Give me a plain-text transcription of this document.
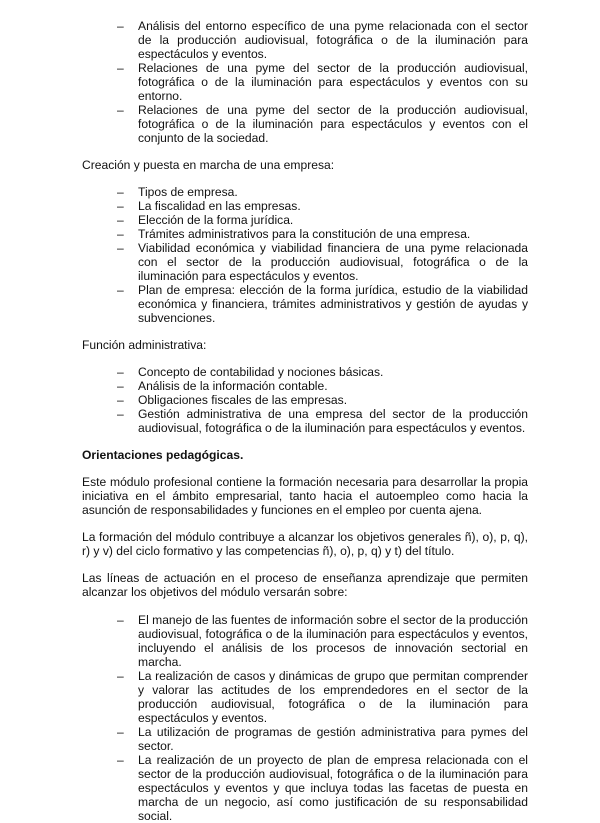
– Análisis del entorno específico de una pyme relacionada con el sector de la producción audiovisual, fotográfica o de la iluminación para espectáculos y eventos.
– Relaciones de una pyme del sector de la producción audiovisual, fotográfica o de la iluminación para espectáculos y eventos con su entorno.
– Relaciones de una pyme del sector de la producción audiovisual, fotográfica o de la iluminación para espectáculos y eventos con el conjunto de la sociedad.

Creación y puesta en marcha de una empresa:

– Tipos de empresa.
– La fiscalidad en las empresas.
– Elección de la forma jurídica.
– Trámites administrativos para la constitución de una empresa.
– Viabilidad económica y viabilidad financiera de una pyme relacionada con el sector de la producción audiovisual, fotográfica o de la iluminación para espectáculos y eventos.
– Plan de empresa: elección de la forma jurídica, estudio de la viabilidad económica y financiera, trámites administrativos y gestión de ayudas y subvenciones.

Función administrativa:

– Concepto de contabilidad y nociones básicas.
– Análisis de la información contable.
– Obligaciones fiscales de las empresas.
– Gestión administrativa de una empresa del sector de la producción audiovisual, fotográfica o de la iluminación para espectáculos y eventos.
Orientaciones pedagógicas.

Este módulo profesional contiene la formación necesaria para desarrollar la propia iniciativa en el ámbito empresarial, tanto hacia el autoempleo como hacia la asunción de responsabilidades y funciones en el empleo por cuenta ajena.

La formación del módulo contribuye a alcanzar los objetivos generales ñ), o), p, q), r) y v) del ciclo formativo y las competencias ñ), o), p, q) y t) del título.

Las líneas de actuación en el proceso de enseñanza aprendizaje que permiten alcanzar los objetivos del módulo versarán sobre:

– El manejo de las fuentes de información sobre el sector de la producción audiovisual, fotográfica o de la iluminación para espectáculos y eventos, incluyendo el análisis de los procesos de innovación sectorial en marcha.
– La realización de casos y dinámicas de grupo que permitan comprender y valorar las actitudes de los emprendedores en el sector de la producción audiovisual, fotográfica o de la iluminación para espectáculos y eventos.
– La utilización de programas de gestión administrativa para pymes del sector.
– La realización de un proyecto de plan de empresa relacionada con el sector de la producción audiovisual, fotográfica o de la iluminación para espectáculos y eventos y que incluya todas las facetas de puesta en marcha de un negocio, así como justificación de su responsabilidad social.
